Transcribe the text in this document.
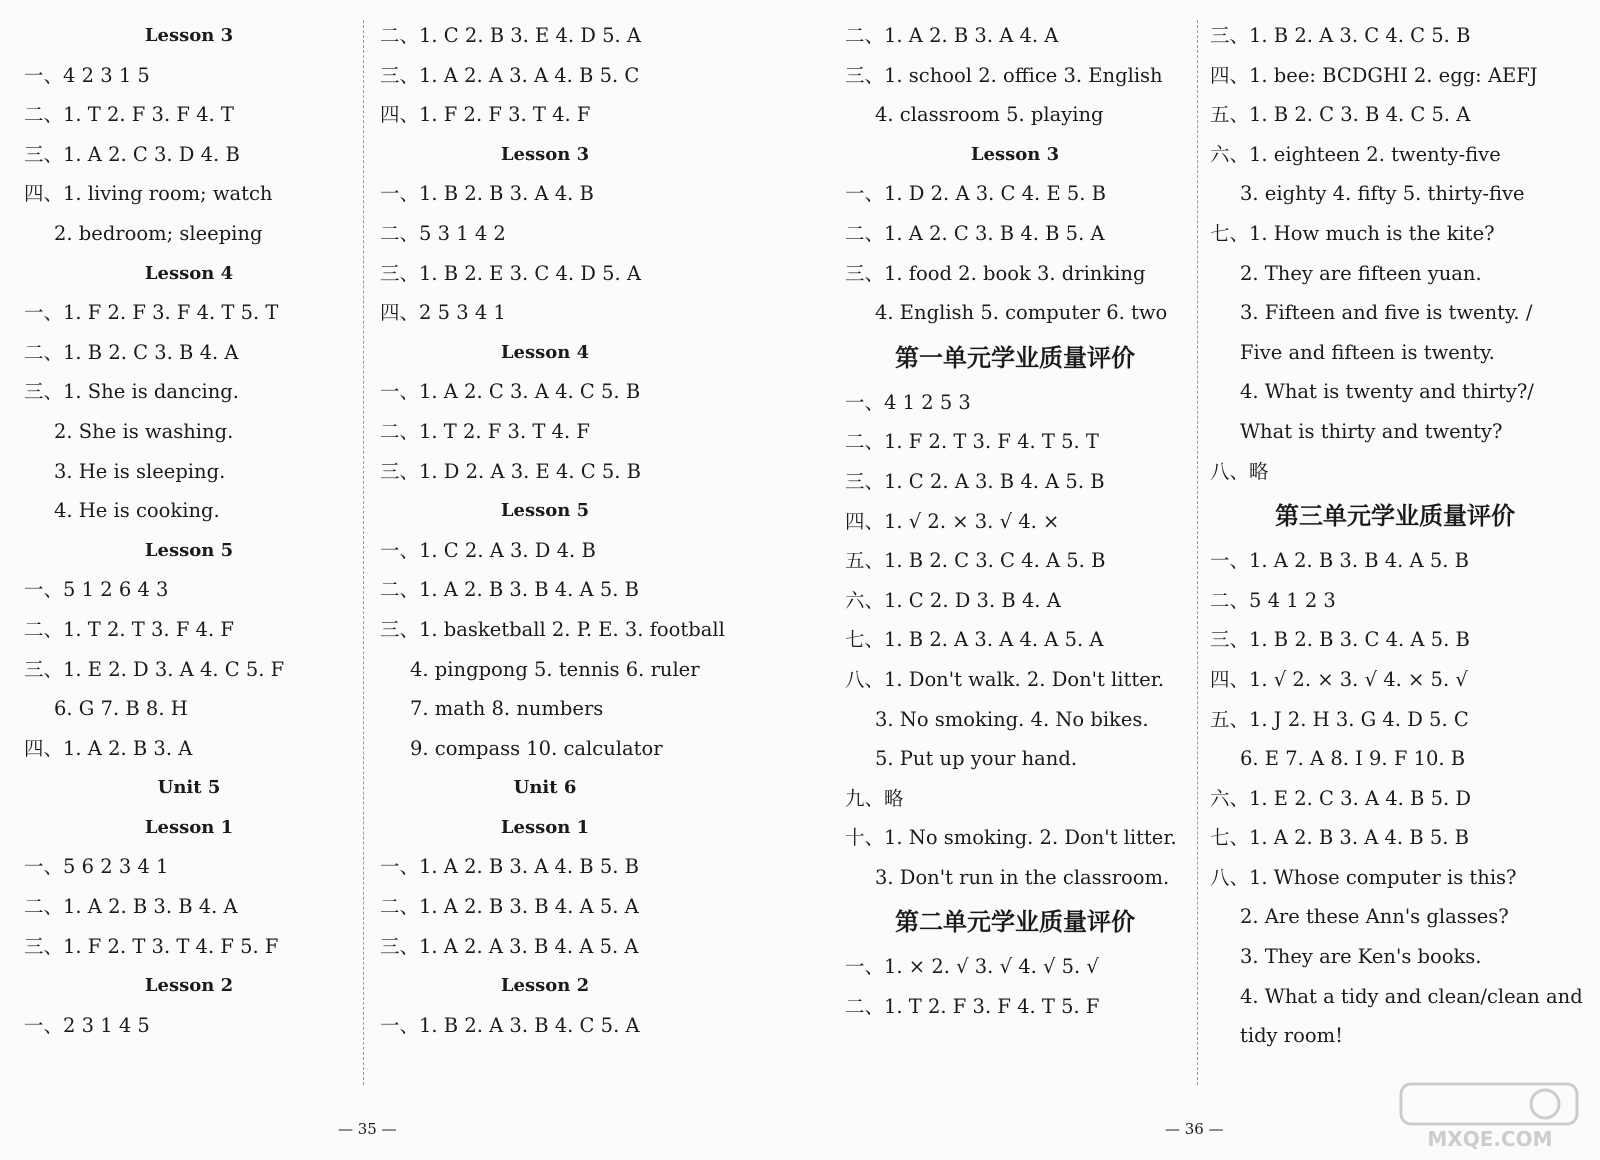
Lesson 3
一、4 2 3 1 5
二、1. T 2. F 3. F 4. T
三、1. A 2. C 3. D 4. B
四、1. living room; watch
2. bedroom; sleeping
Lesson 4
一、1. F 2. F 3. F 4. T 5. T
二、1. B 2. C 3. B 4. A
三、1. She is dancing.
2. She is washing.
3. He is sleeping.
4. He is cooking.
Lesson 5
一、5 1 2 6 4 3
二、1. T 2. T 3. F 4. F
三、1. E 2. D 3. A 4. C 5. F
6. G 7. B 8. H
四、1. A 2. B 3. A
Unit 5
Lesson 1
一、5 6 2 3 4 1
二、1. A 2. B 3. B 4. A
三、1. F 2. T 3. T 4. F 5. F
Lesson 2
一、2 3 1 4 5
二、1. C 2. B 3. E 4. D 5. A
三、1. A 2. A 3. A 4. B 5. C
四、1. F 2. F 3. T 4. F
Lesson 3
一、1. B 2. B 3. A 4. B
二、5 3 1 4 2
三、1. B 2. E 3. C 4. D 5. A
四、2 5 3 4 1
Lesson 4
一、1. A 2. C 3. A 4. C 5. B
二、1. T 2. F 3. T 4. F
三、1. D 2. A 3. E 4. C 5. B
Lesson 5
一、1. C 2. A 3. D 4. B
二、1. A 2. B 3. B 4. A 5. B
三、1. basketball 2. P. E. 3. football
4. pingpong 5. tennis 6. ruler
7. math 8. numbers
9. compass 10. calculator
Unit 6
Lesson 1
一、1. A 2. B 3. A 4. B 5. B
二、1. A 2. B 3. B 4. A 5. A
三、1. A 2. A 3. B 4. A 5. A
Lesson 2
一、1. B 2. A 3. B 4. C 5. A
二、1. A 2. B 3. A 4. A
三、1. school 2. office 3. English
4. classroom 5. playing
Lesson 3
一、1. D 2. A 3. C 4. E 5. B
二、1. A 2. C 3. B 4. B 5. A
三、1. food 2. book 3. drinking
4. English 5. computer 6. two
第一单元学业质量评价
一、4 1 2 5 3
二、1. F 2. T 3. F 4. T 5. T
三、1. C 2. A 3. B 4. A 5. B
四、1. √ 2. × 3. √ 4. ×
五、1. B 2. C 3. C 4. A 5. B
六、1. C 2. D 3. B 4. A
七、1. B 2. A 3. A 4. A 5. A
八、1. Don't walk. 2. Don't litter.
3. No smoking. 4. No bikes.
5. Put up your hand.
九、略
十、1. No smoking. 2. Don't litter.
3. Don't run in the classroom.
第二单元学业质量评价
一、1. × 2. √ 3. √ 4. √ 5. √
二、1. T 2. F 3. F 4. T 5. F
三、1. B 2. A 3. C 4. C 5. B
四、1. bee: BCDGHI 2. egg: AEFJ
五、1. B 2. C 3. B 4. C 5. A
六、1. eighteen 2. twenty-five
3. eighty 4. fifty 5. thirty-five
七、1. How much is the kite?
2. They are fifteen yuan.
3. Fifteen and five is twenty. /
Five and fifteen is twenty.
4. What is twenty and thirty?/
What is thirty and twenty?
八、略
第三单元学业质量评价
一、1. A 2. B 3. B 4. A 5. B
二、5 4 1 2 3
三、1. B 2. B 3. C 4. A 5. B
四、1. √ 2. × 3. √ 4. × 5. √
五、1. J 2. H 3. G 4. D 5. C
6. E 7. A 8. I 9. F 10. B
六、1. E 2. C 3. A 4. B 5. D
七、1. A 2. B 3. A 4. B 5. B
八、1. Whose computer is this?
2. Are these Ann's glasses?
3. They are Ken's books.
4. What a tidy and clean/clean and
tidy room!
— 35 —	— 36 —	MXQE.COM
